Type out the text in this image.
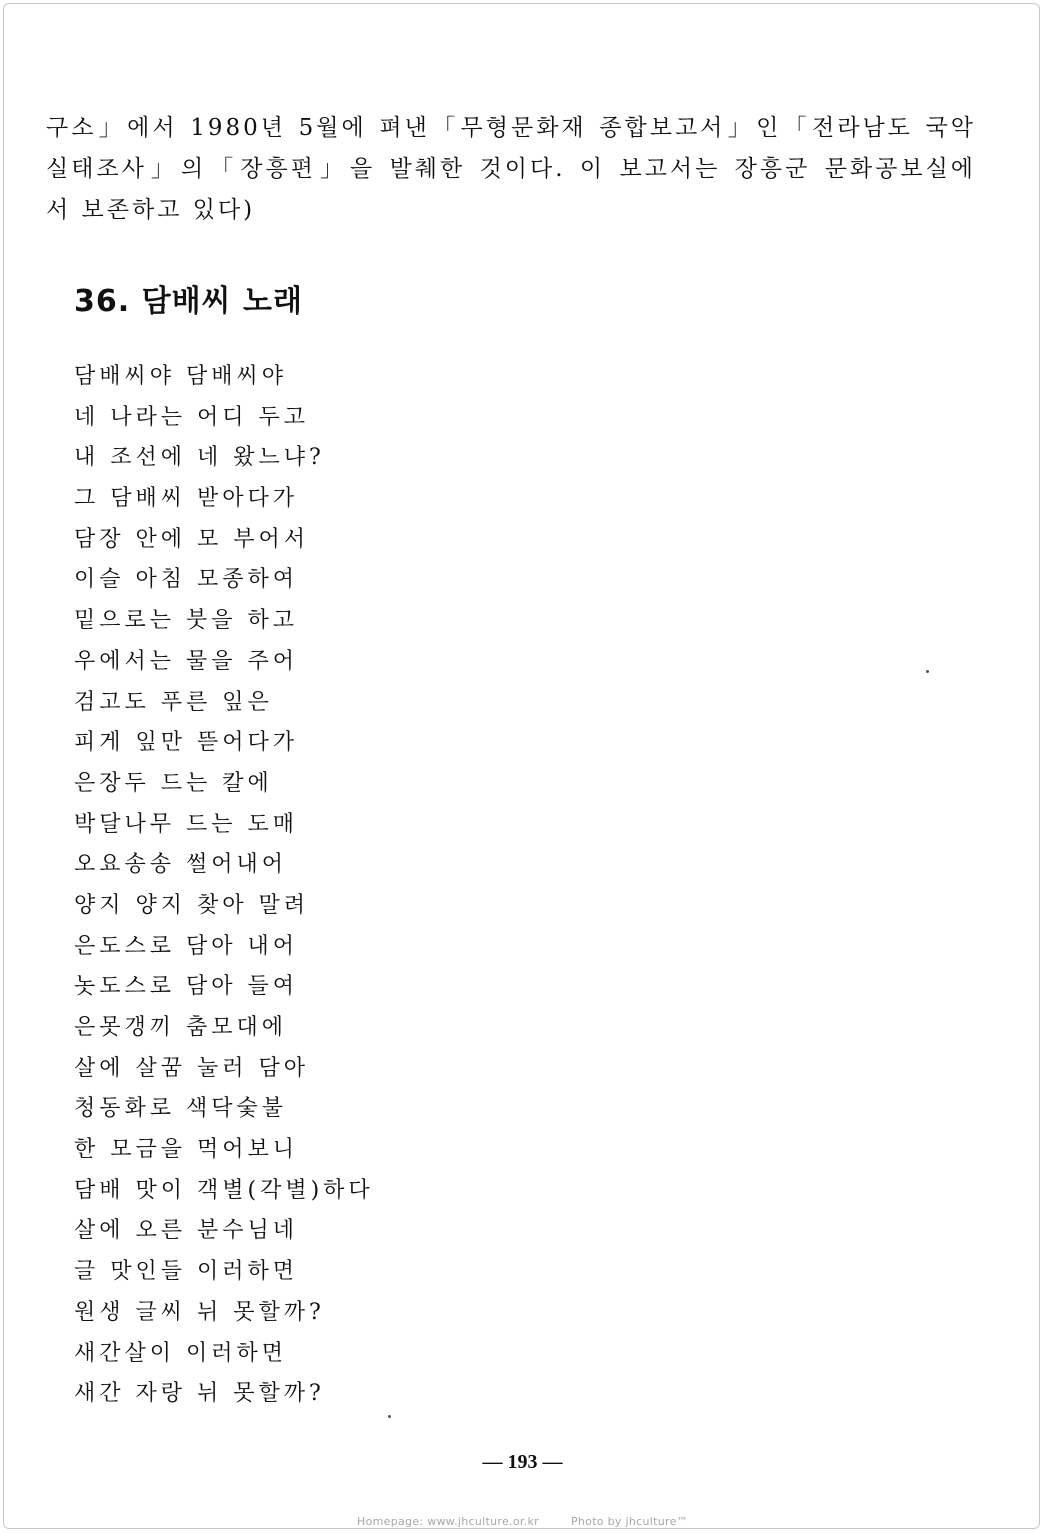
구소」에서 1980년 5월에 펴낸「무형문화재 종합보고서」인「전라남도 국악
실태조사」의「장흥편」을 발췌한 것이다. 이 보고서는 장흥군 문화공보실에
서 보존하고 있다)
36. 담배씨 노래
담배씨야 담배씨야
네 나라는 어디 두고
내 조선에 네 왔느냐?
그 담배씨 받아다가
담장 안에 모 부어서
이슬 아침 모종하여
밑으로는 붓을 하고
우에서는 물을 주어
검고도 푸른 잎은
피게 잎만 뜯어다가
은장두 드는 칼에
박달나무 드는 도매
오요송송 썰어내어
양지 양지 찾아 말려
은도스로 담아 내어
놋도스로 담아 들여
은못갱끼 춤모대에
살에 살꿈 눌러 담아
청동화로 색닥숯불
한 모금을 먹어보니
담배 맛이 객별(각별)하다
살에 오른 분수님네
글 맛인들 이러하면
원생 글씨 뉘 못할까?
새간살이 이러하면
새간 자랑 뉘 못할까?
— 193 —
Homepage: www.jhculture.or.kr	Photo by jhculture™
